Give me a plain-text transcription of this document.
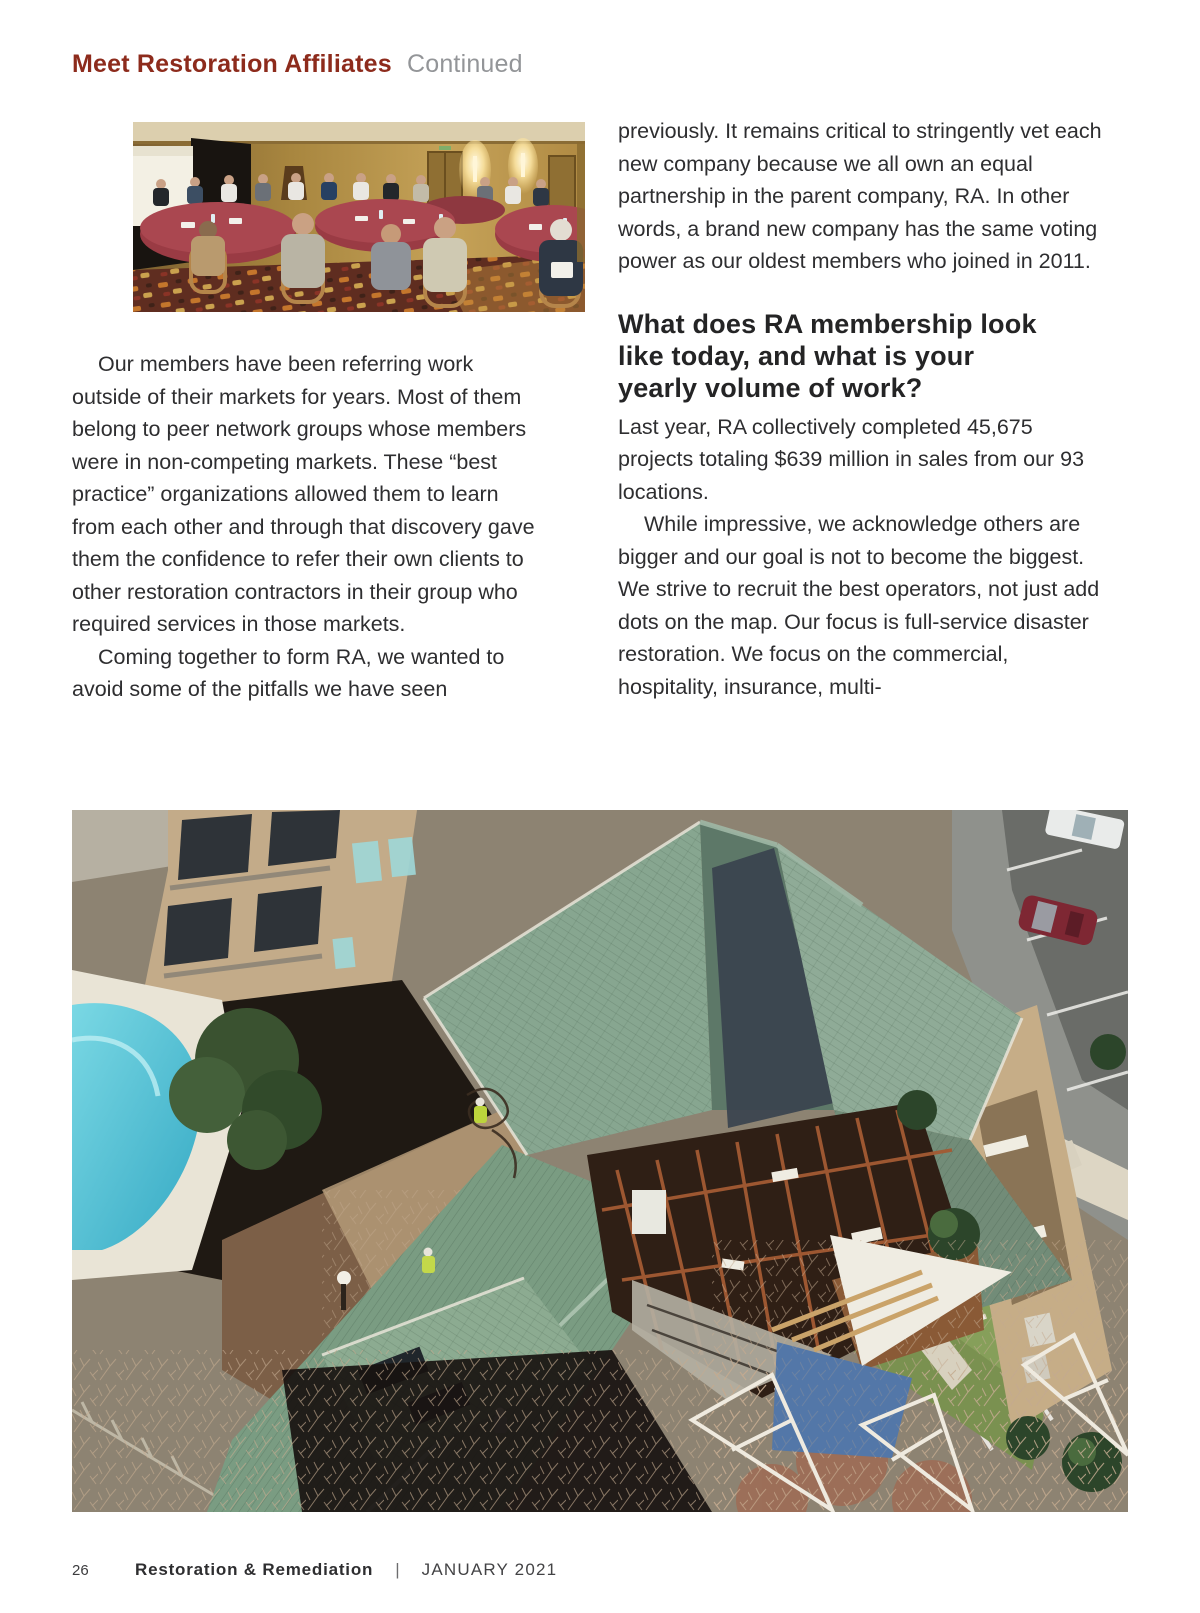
Meet Restoration Affiliates Continued

Our members have been referring work outside of their markets for years. Most of them belong to peer network groups whose members were in non-competing markets. These “best practice” organizations allowed them to learn from each other and through that discovery gave them the confidence to refer their own clients to other restoration contractors in their group who required services in those markets.

Coming together to form RA, we wanted to avoid some of the pitfalls we have seen

previously. It remains critical to stringently vet each new company because we all own an equal partnership in the parent company, RA. In other words, a brand new company has the same voting power as our oldest members who joined in 2011.

What does RA membership look
like today, and what is your
yearly volume of work?

Last year, RA collectively completed 45,675 projects totaling $639 million in sales from our 93 locations.

While impressive, we acknowledge others are bigger and our goal is not to become the biggest. We strive to recruit the best operators, not just add dots on the map. Our focus is full-service disaster restoration. We focus on the commercial, hospitality, insurance, multi-

26	Restoration & Remediation | JANUARY 2021
